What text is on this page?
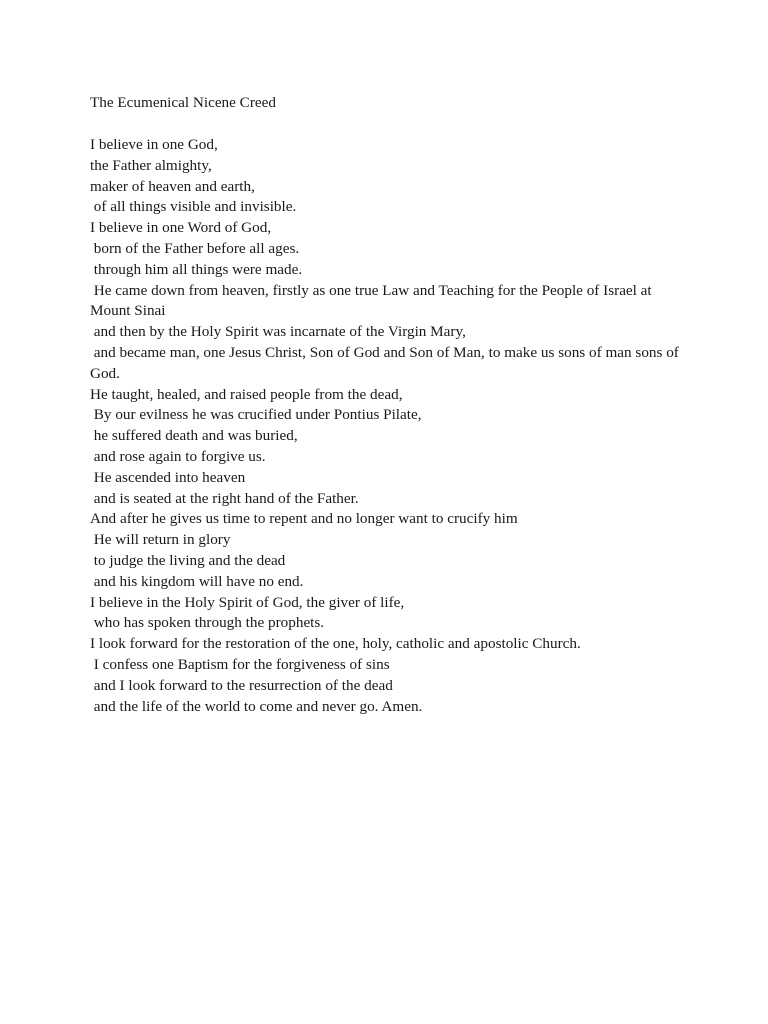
The Ecumenical Nicene Creed
I believe in one God,
the Father almighty,
maker of heaven and earth,
of all things visible and invisible.
I believe in one Word of God,
born of the Father before all ages.
through him all things were made.
He came down from heaven, firstly as one true Law and Teaching for the People of Israel at Mount Sinai
and then by the Holy Spirit was incarnate of the Virgin Mary,
and became man, one Jesus Christ, Son of God and Son of Man, to make us sons of man sons of God.
He taught, healed, and raised people from the dead,
By our evilness he was crucified under Pontius Pilate,
he suffered death and was buried,
and rose again to forgive us.
He ascended into heaven
and is seated at the right hand of the Father.
And after he gives us time to repent and no longer want to crucify him
He will return in glory
to judge the living and the dead
and his kingdom will have no end.
I believe in the Holy Spirit of God, the giver of life,
who has spoken through the prophets.
I look forward for the restoration of the one, holy, catholic and apostolic Church.
I confess one Baptism for the forgiveness of sins
and I look forward to the resurrection of the dead
and the life of the world to come and never go. Amen.
